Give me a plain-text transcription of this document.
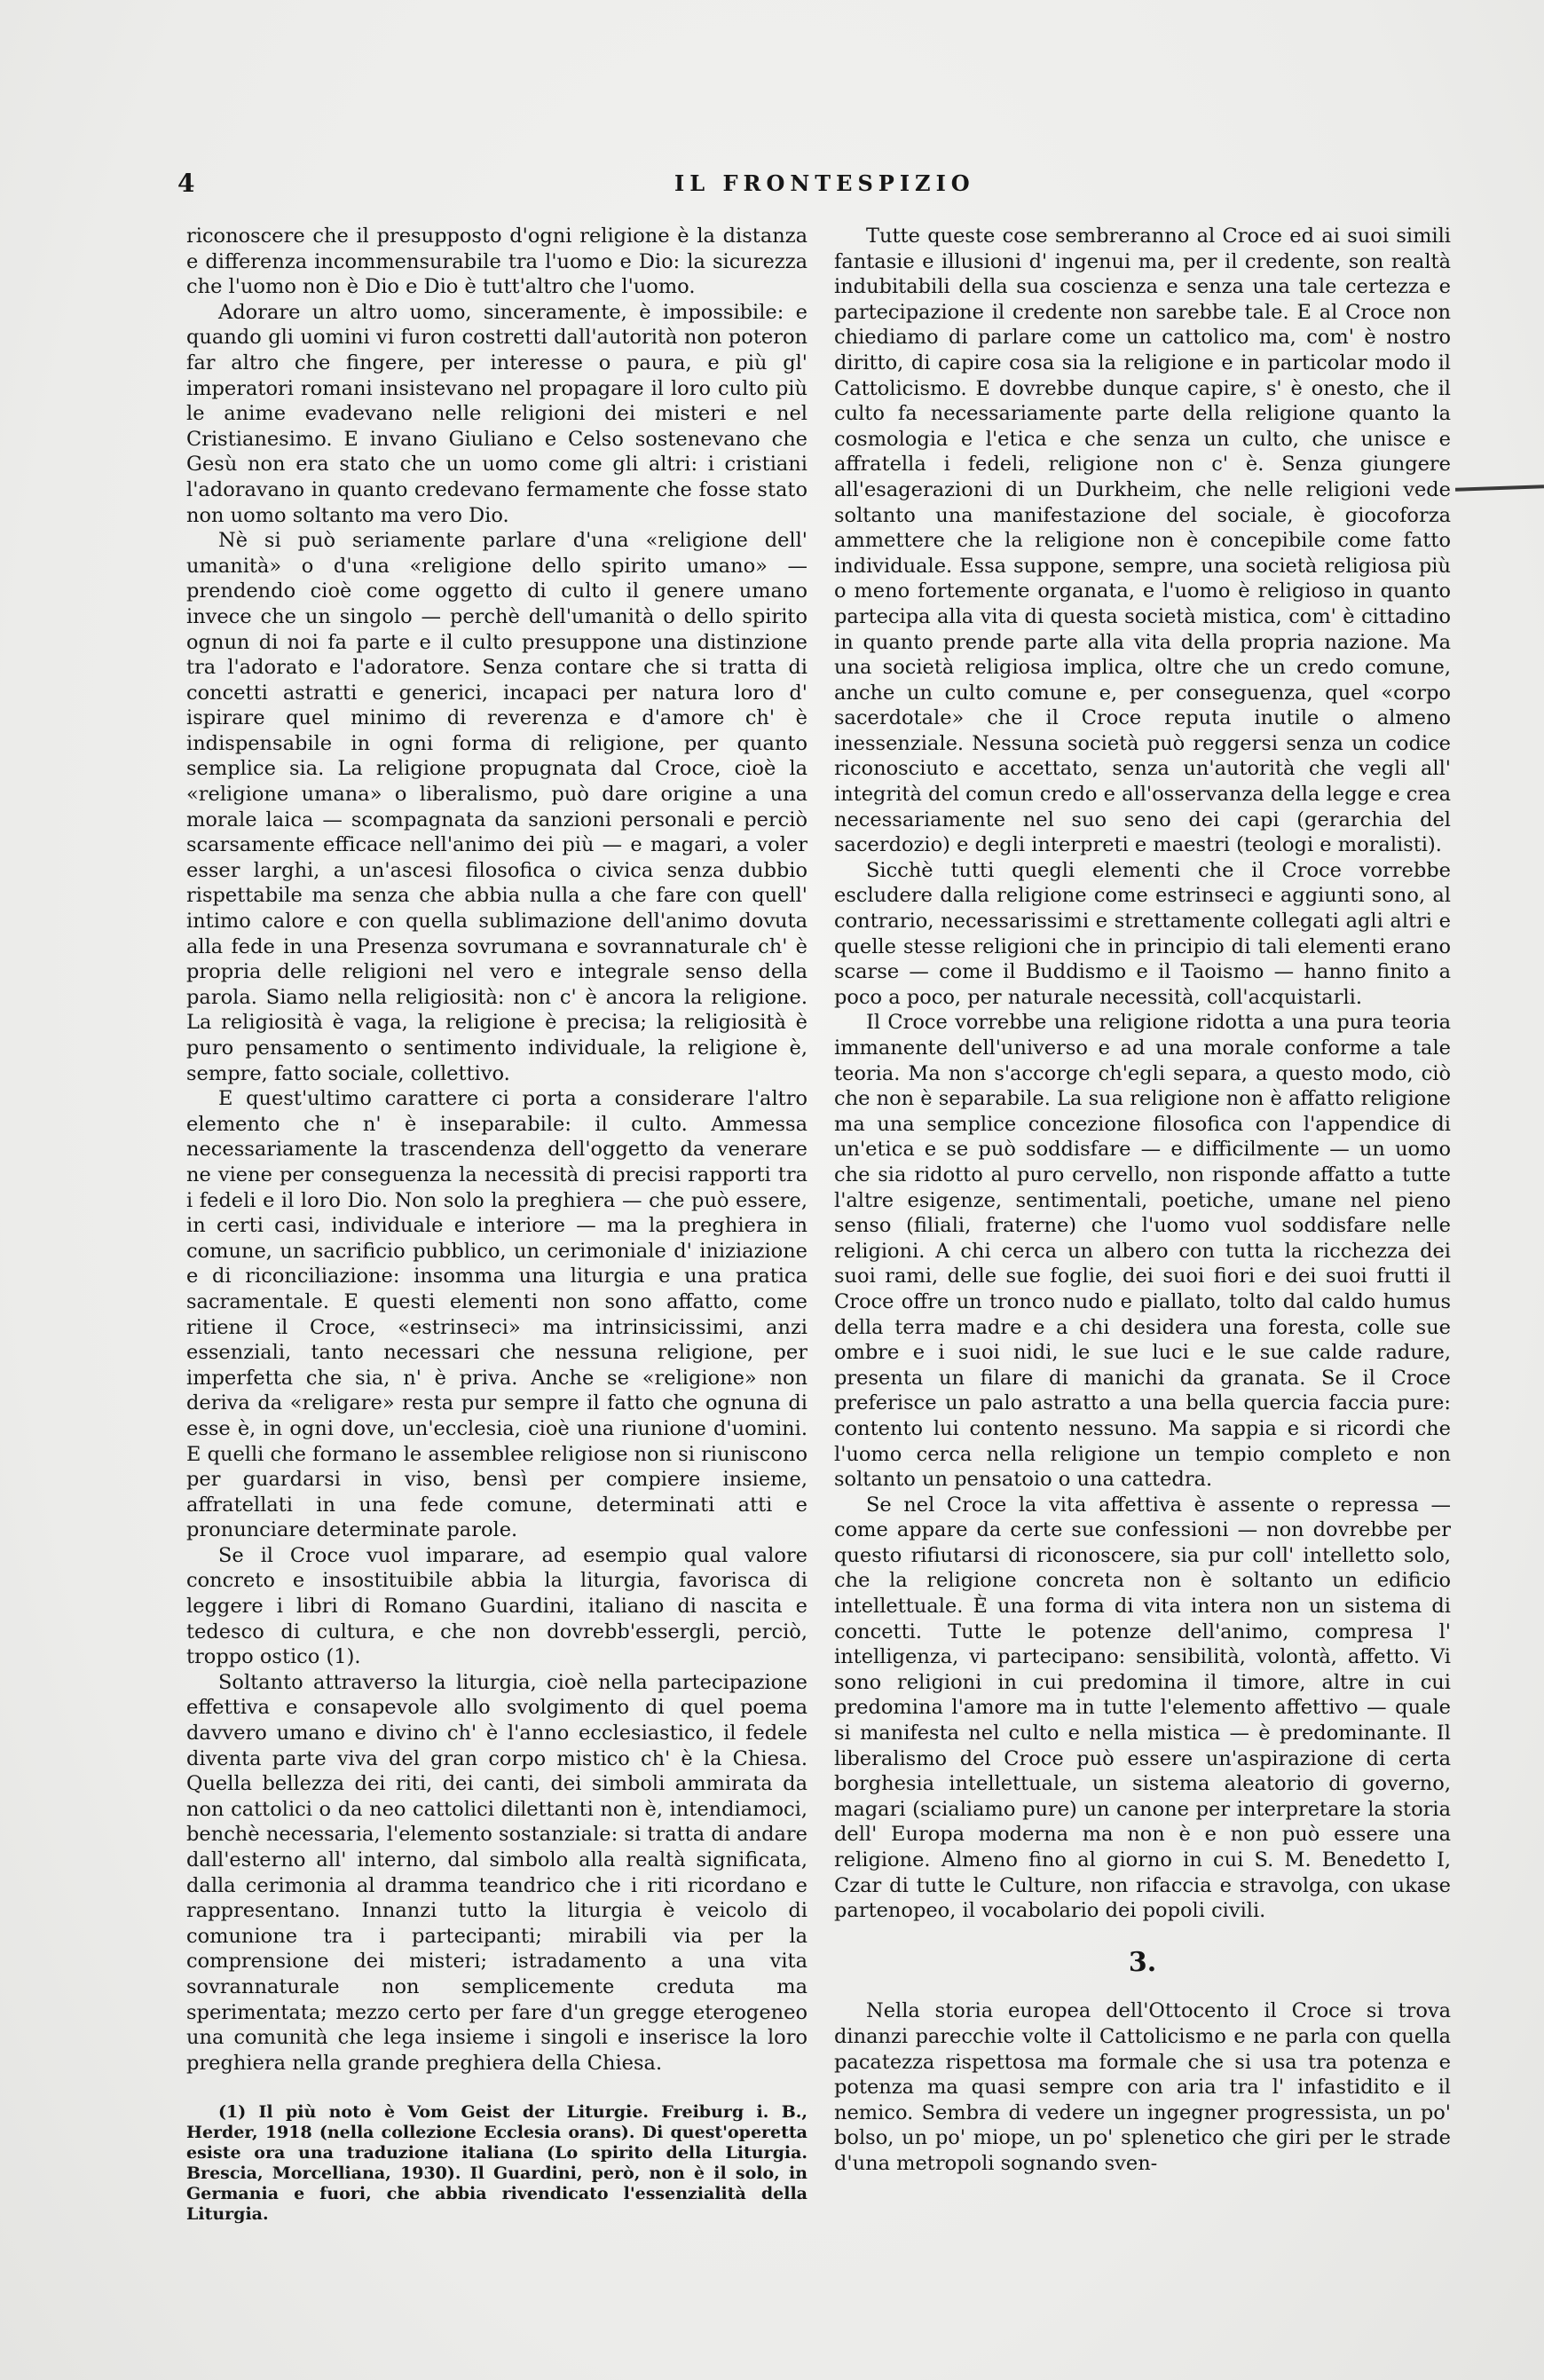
4	IL FRONTESPIZIO

riconoscere che il presupposto d'ogni religione è la distanza e differenza incommensurabile tra l'uomo e Dio: la sicurezza che l'uomo non è Dio e Dio è tutt'altro che l'uomo.

Adorare un altro uomo, sinceramente, è impossibile: e quando gli uomini vi furon costretti dall'autorità non poteron far altro che fingere, per interesse o paura, e più gl' imperatori romani insistevano nel propagare il loro culto più le anime evadevano nelle religioni dei misteri e nel Cristianesimo. E invano Giuliano e Celso sostenevano che Gesù non era stato che un uomo come gli altri: i cristiani l'adoravano in quanto credevano fermamente che fosse stato non uomo soltanto ma vero Dio.

Nè si può seriamente parlare d'una «religione dell' umanità» o d'una «religione dello spirito umano» — prendendo cioè come oggetto di culto il genere umano invece che un singolo — perchè dell'umanità o dello spirito ognun di noi fa parte e il culto presuppone una distinzione tra l'adorato e l'adoratore. Senza contare che si tratta di concetti astratti e generici, incapaci per natura loro d' ispirare quel minimo di reverenza e d'amore ch' è indispensabile in ogni forma di religione, per quanto semplice sia. La religione propugnata dal Croce, cioè la «religione umana» o liberalismo, può dare origine a una morale laica — scompagnata da sanzioni personali e perciò scarsamente efficace nell'animo dei più — e magari, a voler esser larghi, a un'ascesi filosofica o civica senza dubbio rispettabile ma senza che abbia nulla a che fare con quell' intimo calore e con quella sublimazione dell'animo dovuta alla fede in una Presenza sovrumana e sovrannaturale ch' è propria delle religioni nel vero e integrale senso della parola. Siamo nella religiosità: non c' è ancora la religione. La religiosità è vaga, la religione è precisa; la religiosità è puro pensamento o sentimento individuale, la religione è, sempre, fatto sociale, collettivo.

E quest'ultimo carattere ci porta a considerare l'altro elemento che n' è inseparabile: il culto. Ammessa necessariamente la trascendenza dell'oggetto da venerare ne viene per conseguenza la necessità di precisi rapporti tra i fedeli e il loro Dio. Non solo la preghiera — che può essere, in certi casi, individuale e interiore — ma la preghiera in comune, un sacrificio pubblico, un cerimoniale d' iniziazione e di riconciliazione: insomma una liturgia e una pratica sacramentale. E questi elementi non sono affatto, come ritiene il Croce, «estrinseci» ma intrinsicissimi, anzi essenziali, tanto necessari che nessuna religione, per imperfetta che sia, n' è priva. Anche se «religione» non deriva da «religare» resta pur sempre il fatto che ognuna di esse è, in ogni dove, un'ecclesia, cioè una riunione d'uomini. E quelli che formano le assemblee religiose non si riuniscono per guardarsi in viso, bensì per compiere insieme, affratellati in una fede comune, determinati atti e pronunciare determinate parole.

Se il Croce vuol imparare, ad esempio qual valore concreto e insostituibile abbia la liturgia, favorisca di leggere i libri di Romano Guardini, italiano di nascita e tedesco di cultura, e che non dovrebb'essergli, perciò, troppo ostico (1).

Soltanto attraverso la liturgia, cioè nella partecipazione effettiva e consapevole allo svolgimento di quel poema davvero umano e divino ch' è l'anno ecclesiastico, il fedele diventa parte viva del gran corpo mistico ch' è la Chiesa. Quella bellezza dei riti, dei canti, dei simboli ammirata da non cattolici o da neo cattolici dilettanti non è, intendiamoci, benchè necessaria, l'elemento sostanziale: si tratta di andare dall'esterno all' interno, dal simbolo alla realtà significata, dalla cerimonia al dramma teandrico che i riti ricordano e rappresentano. Innanzi tutto la liturgia è veicolo di comunione tra i partecipanti; mirabili via per la comprensione dei misteri; istradamento a una vita sovrannaturale non semplicemente creduta ma sperimentata; mezzo certo per fare d'un gregge eterogeneo una comunità che lega insieme i singoli e inserisce la loro preghiera nella grande preghiera della Chiesa.

(1) Il più noto è Vom Geist der Liturgie. Freiburg i. B., Herder, 1918 (nella collezione Ecclesia orans). Di quest'operetta esiste ora una traduzione italiana (Lo spirito della Liturgia. Brescia, Morcelliana, 1930). Il Guardini, però, non è il solo, in Germania e fuori, che abbia rivendicato l'essenzialità della Liturgia.

Tutte queste cose sembreranno al Croce ed ai suoi simili fantasie e illusioni d' ingenui ma, per il credente, son realtà indubitabili della sua coscienza e senza una tale certezza e partecipazione il credente non sarebbe tale. E al Croce non chiediamo di parlare come un cattolico ma, com' è nostro diritto, di capire cosa sia la religione e in particolar modo il Cattolicismo. E dovrebbe dunque capire, s' è onesto, che il culto fa necessariamente parte della religione quanto la cosmologia e l'etica e che senza un culto, che unisce e affratella i fedeli, religione non c' è. Senza giungere all'esagerazioni di un Durkheim, che nelle religioni vede soltanto una manifestazione del sociale, è giocoforza ammettere che la religione non è concepibile come fatto individuale. Essa suppone, sempre, una società religiosa più o meno fortemente organata, e l'uomo è religioso in quanto partecipa alla vita di questa società mistica, com' è cittadino in quanto prende parte alla vita della propria nazione. Ma una società religiosa implica, oltre che un credo comune, anche un culto comune e, per conseguenza, quel «corpo sacerdotale» che il Croce reputa inutile o almeno inessenziale. Nessuna società può reggersi senza un codice riconosciuto e accettato, senza un'autorità che vegli all' integrità del comun credo e all'osservanza della legge e crea necessariamente nel suo seno dei capi (gerarchia del sacerdozio) e degli interpreti e maestri (teologi e moralisti).

Sicchè tutti quegli elementi che il Croce vorrebbe escludere dalla religione come estrinseci e aggiunti sono, al contrario, necessarissimi e strettamente collegati agli altri e quelle stesse religioni che in principio di tali elementi erano scarse — come il Buddismo e il Taoismo — hanno finito a poco a poco, per naturale necessità, coll'acquistarli.

Il Croce vorrebbe una religione ridotta a una pura teoria immanente dell'universo e ad una morale conforme a tale teoria. Ma non s'accorge ch'egli separa, a questo modo, ciò che non è separabile. La sua religione non è affatto religione ma una semplice concezione filosofica con l'appendice di un'etica e se può soddisfare — e difficilmente — un uomo che sia ridotto al puro cervello, non risponde affatto a tutte l'altre esigenze, sentimentali, poetiche, umane nel pieno senso (filiali, fraterne) che l'uomo vuol soddisfare nelle religioni. A chi cerca un albero con tutta la ricchezza dei suoi rami, delle sue foglie, dei suoi fiori e dei suoi frutti il Croce offre un tronco nudo e piallato, tolto dal caldo humus della terra madre e a chi desidera una foresta, colle sue ombre e i suoi nidi, le sue luci e le sue calde radure, presenta un filare di manichi da granata. Se il Croce preferisce un palo astratto a una bella quercia faccia pure: contento lui contento nessuno. Ma sappia e si ricordi che l'uomo cerca nella religione un tempio completo e non soltanto un pensatoio o una cattedra.

Se nel Croce la vita affettiva è assente o repressa — come appare da certe sue confessioni — non dovrebbe per questo rifiutarsi di riconoscere, sia pur coll' intelletto solo, che la religione concreta non è soltanto un edificio intellettuale. È una forma di vita intera non un sistema di concetti. Tutte le potenze dell'animo, compresa l' intelligenza, vi partecipano: sensibilità, volontà, affetto. Vi sono religioni in cui predomina il timore, altre in cui predomina l'amore ma in tutte l'elemento affettivo — quale si manifesta nel culto e nella mistica — è predominante. Il liberalismo del Croce può essere un'aspirazione di certa borghesia intellettuale, un sistema aleatorio di governo, magari (scialiamo pure) un canone per interpretare la storia dell' Europa moderna ma non è e non può essere una religione. Almeno fino al giorno in cui S. M. Benedetto I, Czar di tutte le Culture, non rifaccia e stravolga, con ukase partenopeo, il vocabolario dei popoli civili.

3.

Nella storia europea dell'Ottocento il Croce si trova dinanzi parecchie volte il Cattolicismo e ne parla con quella pacatezza rispettosa ma formale che si usa tra potenza e potenza ma quasi sempre con aria tra l' infastidito e il nemico. Sembra di vedere un ingegner progressista, un po' bolso, un po' miope, un po' splenetico che giri per le strade d'una metropoli sognando sven-
